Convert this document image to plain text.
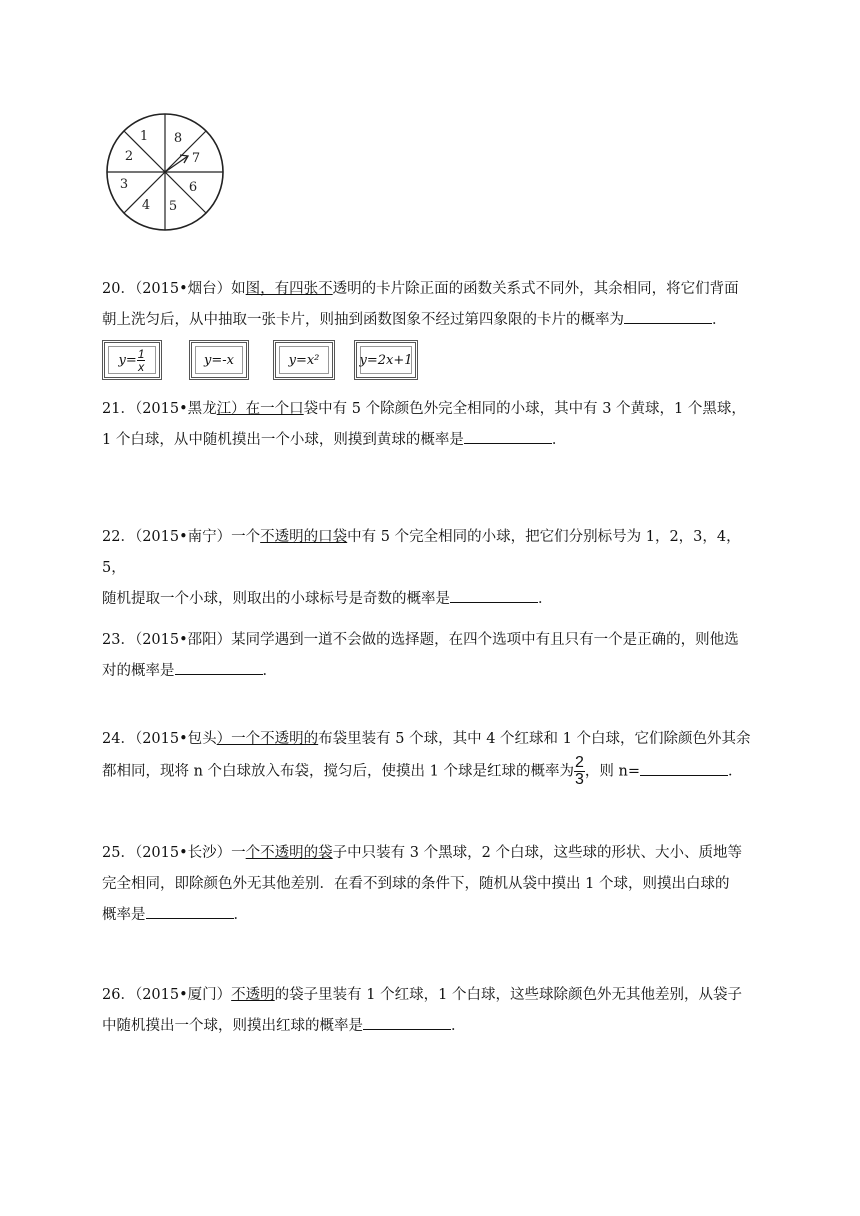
1 8
7
6
5
4
3
2

20．（2015•烟台）如图，有四张不透明的卡片除正面的函数关系式不同外，其余相同，将它们背面
朝上洗匀后，从中抽取一张卡片，则抽到函数图象不经过第四象限的卡片的概率为	．

$y= \frac{1}{x}$	y=-x	y=x²	y=2x+1

21．（2015•黑龙江）在一个口袋中有 5 个除颜色外完全相同的小球，其中有 3 个黄球，1 个黑球，
1 个白球，从中随机摸出一个小球，则摸到黄球的概率是	．

22．（2015•南宁）一个不透明的口袋中有 5 个完全相同的小球，把它们分别标号为 1，2，3，4，5，
随机提取一个小球，则取出的小球标号是奇数的概率是	．

23．（2015•邵阳）某同学遇到一道不会做的选择题，在四个选项中有且只有一个是正确的，则他选
对的概率是	．

24．（2015•包头）一个不透明的布袋里装有 5 个球，其中 4 个红球和 1 个白球，它们除颜色外其余
都相同，现将 n 个白球放入布袋，搅匀后，使摸出 1 个球是红球的概率为 $\frac{2}{3}$ ，则 n=	．

25．（2015•长沙）一个不透明的袋子中只装有 3 个黑球，2 个白球，这些球的形状、大小、质地等
完全相同，即除颜色外无其他差别．在看不到球的条件下，随机从袋中摸出 1 个球，则摸出白球的
概率是	．

26．（2015•厦门）不透明的袋子里装有 1 个红球，1 个白球，这些球除颜色外无其他差别，从袋子
中随机摸出一个球，则摸出红球的概率是	．
